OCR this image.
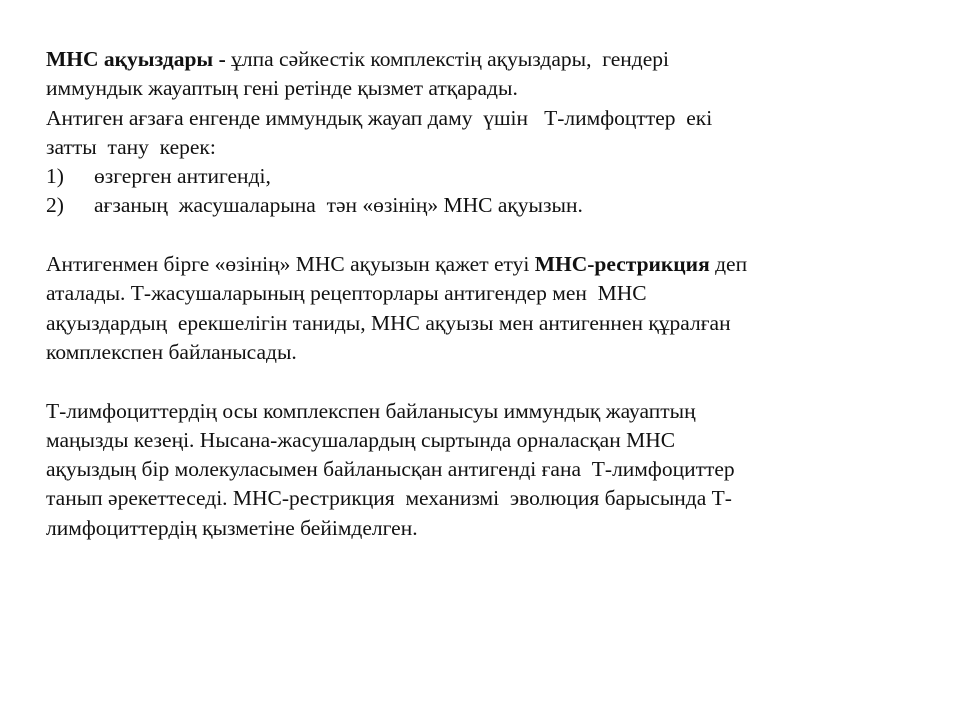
МНС ақуыздары - ұлпа сәйкестік комплекстің ақуыздары,  гендері
иммундык жауаптың гені ретінде қызмет атқарады.
Антиген ағзаға енгенде иммундық жауап даму  үшін   Т-лимфоцттер  екі
затты  тану  керек:
1) өзгерген антигенді,
2) ағзаның  жасушаларына  тән «өзінің» МНС ақуызын.
Антигенмен бірге «өзінің» МНС ақуызын қажет етуі МНС-рестрикция деп
аталады. Т-жасушаларының рецепторлары антигендер мен  МНС
ақуыздардың  ерекшелігін таниды, МНС ақуызы мен антигеннен құралған
комплекспен байланысады.
Т-лимфоциттердің осы комплекспен байланысуы иммундық жауаптың
маңызды кезеңі. Нысана-жасушалардың сыртында орналасқан МНС
ақуыздың бір молекуласымен байланысқан антигенді ғана  Т-лимфоциттер
танып әрекеттеседі. МНС-рестрикция  механизмі  эволюция барысында Т-
лимфоциттердің қызметіне бейімделген.
